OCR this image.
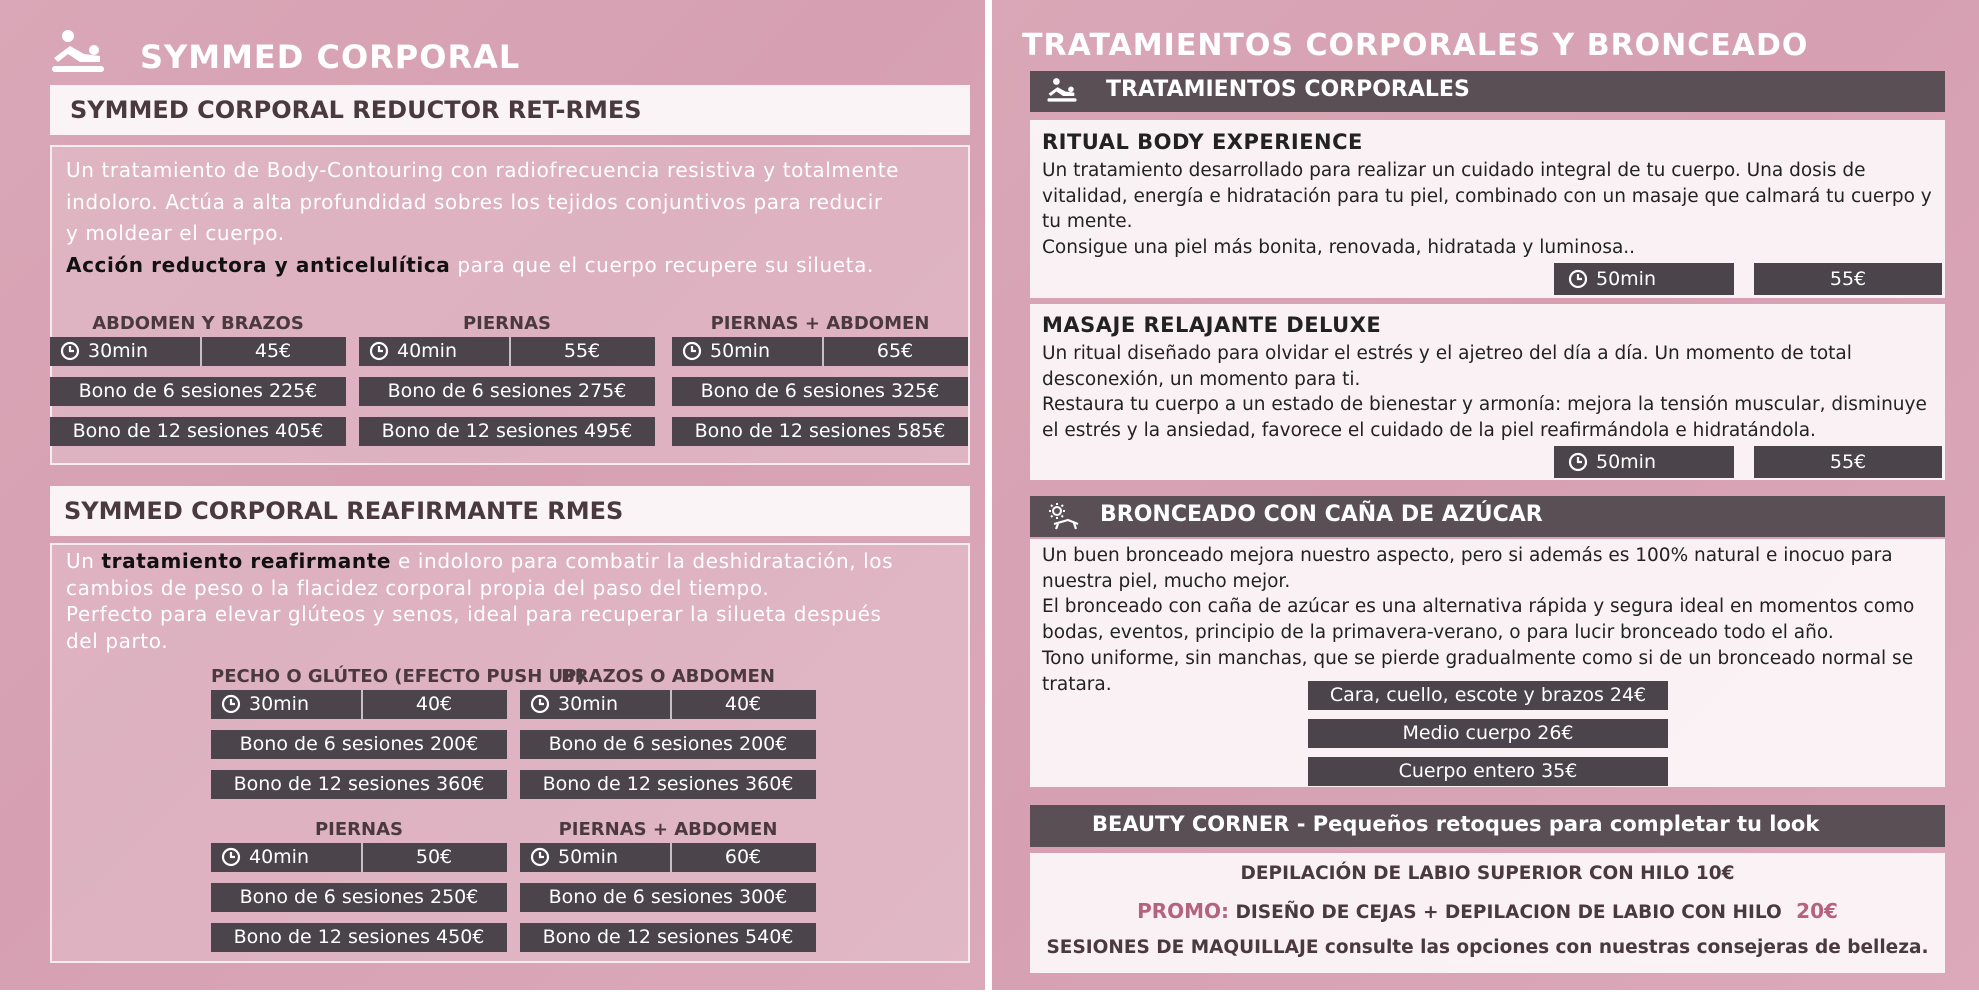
SYMMED CORPORAL
SYMMED CORPORAL REDUCTOR RET-RMES
Un tratamiento de Body-Contouring con radiofrecuencia resistiva y totalmente
indoloro. Actúa a alta profundidad sobres los tejidos conjuntivos para reducir
y moldear el cuerpo.
Acción reductora y anticelulítica para que el cuerpo recupere su silueta.
ABDOMEN Y BRAZOS
30min	45€
Bono de 6 sesiones 225€
Bono de 12 sesiones 405€
PIERNAS
40min	55€
Bono de 6 sesiones 275€
Bono de 12 sesiones 495€
PIERNAS + ABDOMEN
50min	65€
Bono de 6 sesiones 325€
Bono de 12 sesiones 585€
SYMMED CORPORAL REAFIRMANTE RMES
Un tratamiento reafirmante e indoloro para combatir la deshidratación, los
cambios de peso o la flacidez corporal propia del paso del tiempo.
Perfecto para elevar glúteos y senos, ideal para recuperar la silueta después
del parto.
PECHO O GLÚTEO (EFECTO PUSH UP)
30min	40€
Bono de 6 sesiones 200€
Bono de 12 sesiones 360€
BRAZOS O ABDOMEN
30min	40€
Bono de 6 sesiones 200€
Bono de 12 sesiones 360€
PIERNAS
40min	50€
Bono de 6 sesiones 250€
Bono de 12 sesiones 450€
PIERNAS + ABDOMEN
50min	60€
Bono de 6 sesiones 300€
Bono de 12 sesiones 540€
TRATAMIENTOS CORPORALES Y BRONCEADO
TRATAMIENTOS CORPORALES
RITUAL BODY EXPERIENCE
Un tratamiento desarrollado para realizar un cuidado integral de tu cuerpo. Una dosis de
vitalidad, energía e hidratación para tu piel, combinado con un masaje que calmará tu cuerpo y
tu mente.
Consigue una piel más bonita, renovada, hidratada y luminosa..
50min	55€
MASAJE RELAJANTE DELUXE
Un ritual diseñado para olvidar el estrés y el ajetreo del día a día. Un momento de total
desconexión, un momento para ti.
Restaura tu cuerpo a un estado de bienestar y armonía: mejora la tensión muscular, disminuye
el estrés y la ansiedad, favorece el cuidado de la piel reafirmándola e hidratándola.
50min	55€
BRONCEADO CON CAÑA DE AZÚCAR
Un buen bronceado mejora nuestro aspecto, pero si además es 100% natural e inocuo para
nuestra piel, mucho mejor.
El bronceado con caña de azúcar es una alternativa rápida y segura ideal en momentos como
bodas, eventos, principio de la primavera-verano, o para lucir bronceado todo el año.
Tono uniforme, sin manchas, que se pierde gradualmente como si de un bronceado normal se
tratara.	Cara, cuello, escote y brazos 24€
Medio cuerpo 26€
Cuerpo entero 35€
BEAUTY CORNER - Pequeños retoques para completar tu look
DEPILACIÓN DE LABIO SUPERIOR CON HILO 10€
PROMO: DISEÑO DE CEJAS + DEPILACION DE LABIO CON HILO 20€
SESIONES DE MAQUILLAJE consulte las opciones con nuestras consejeras de belleza.
